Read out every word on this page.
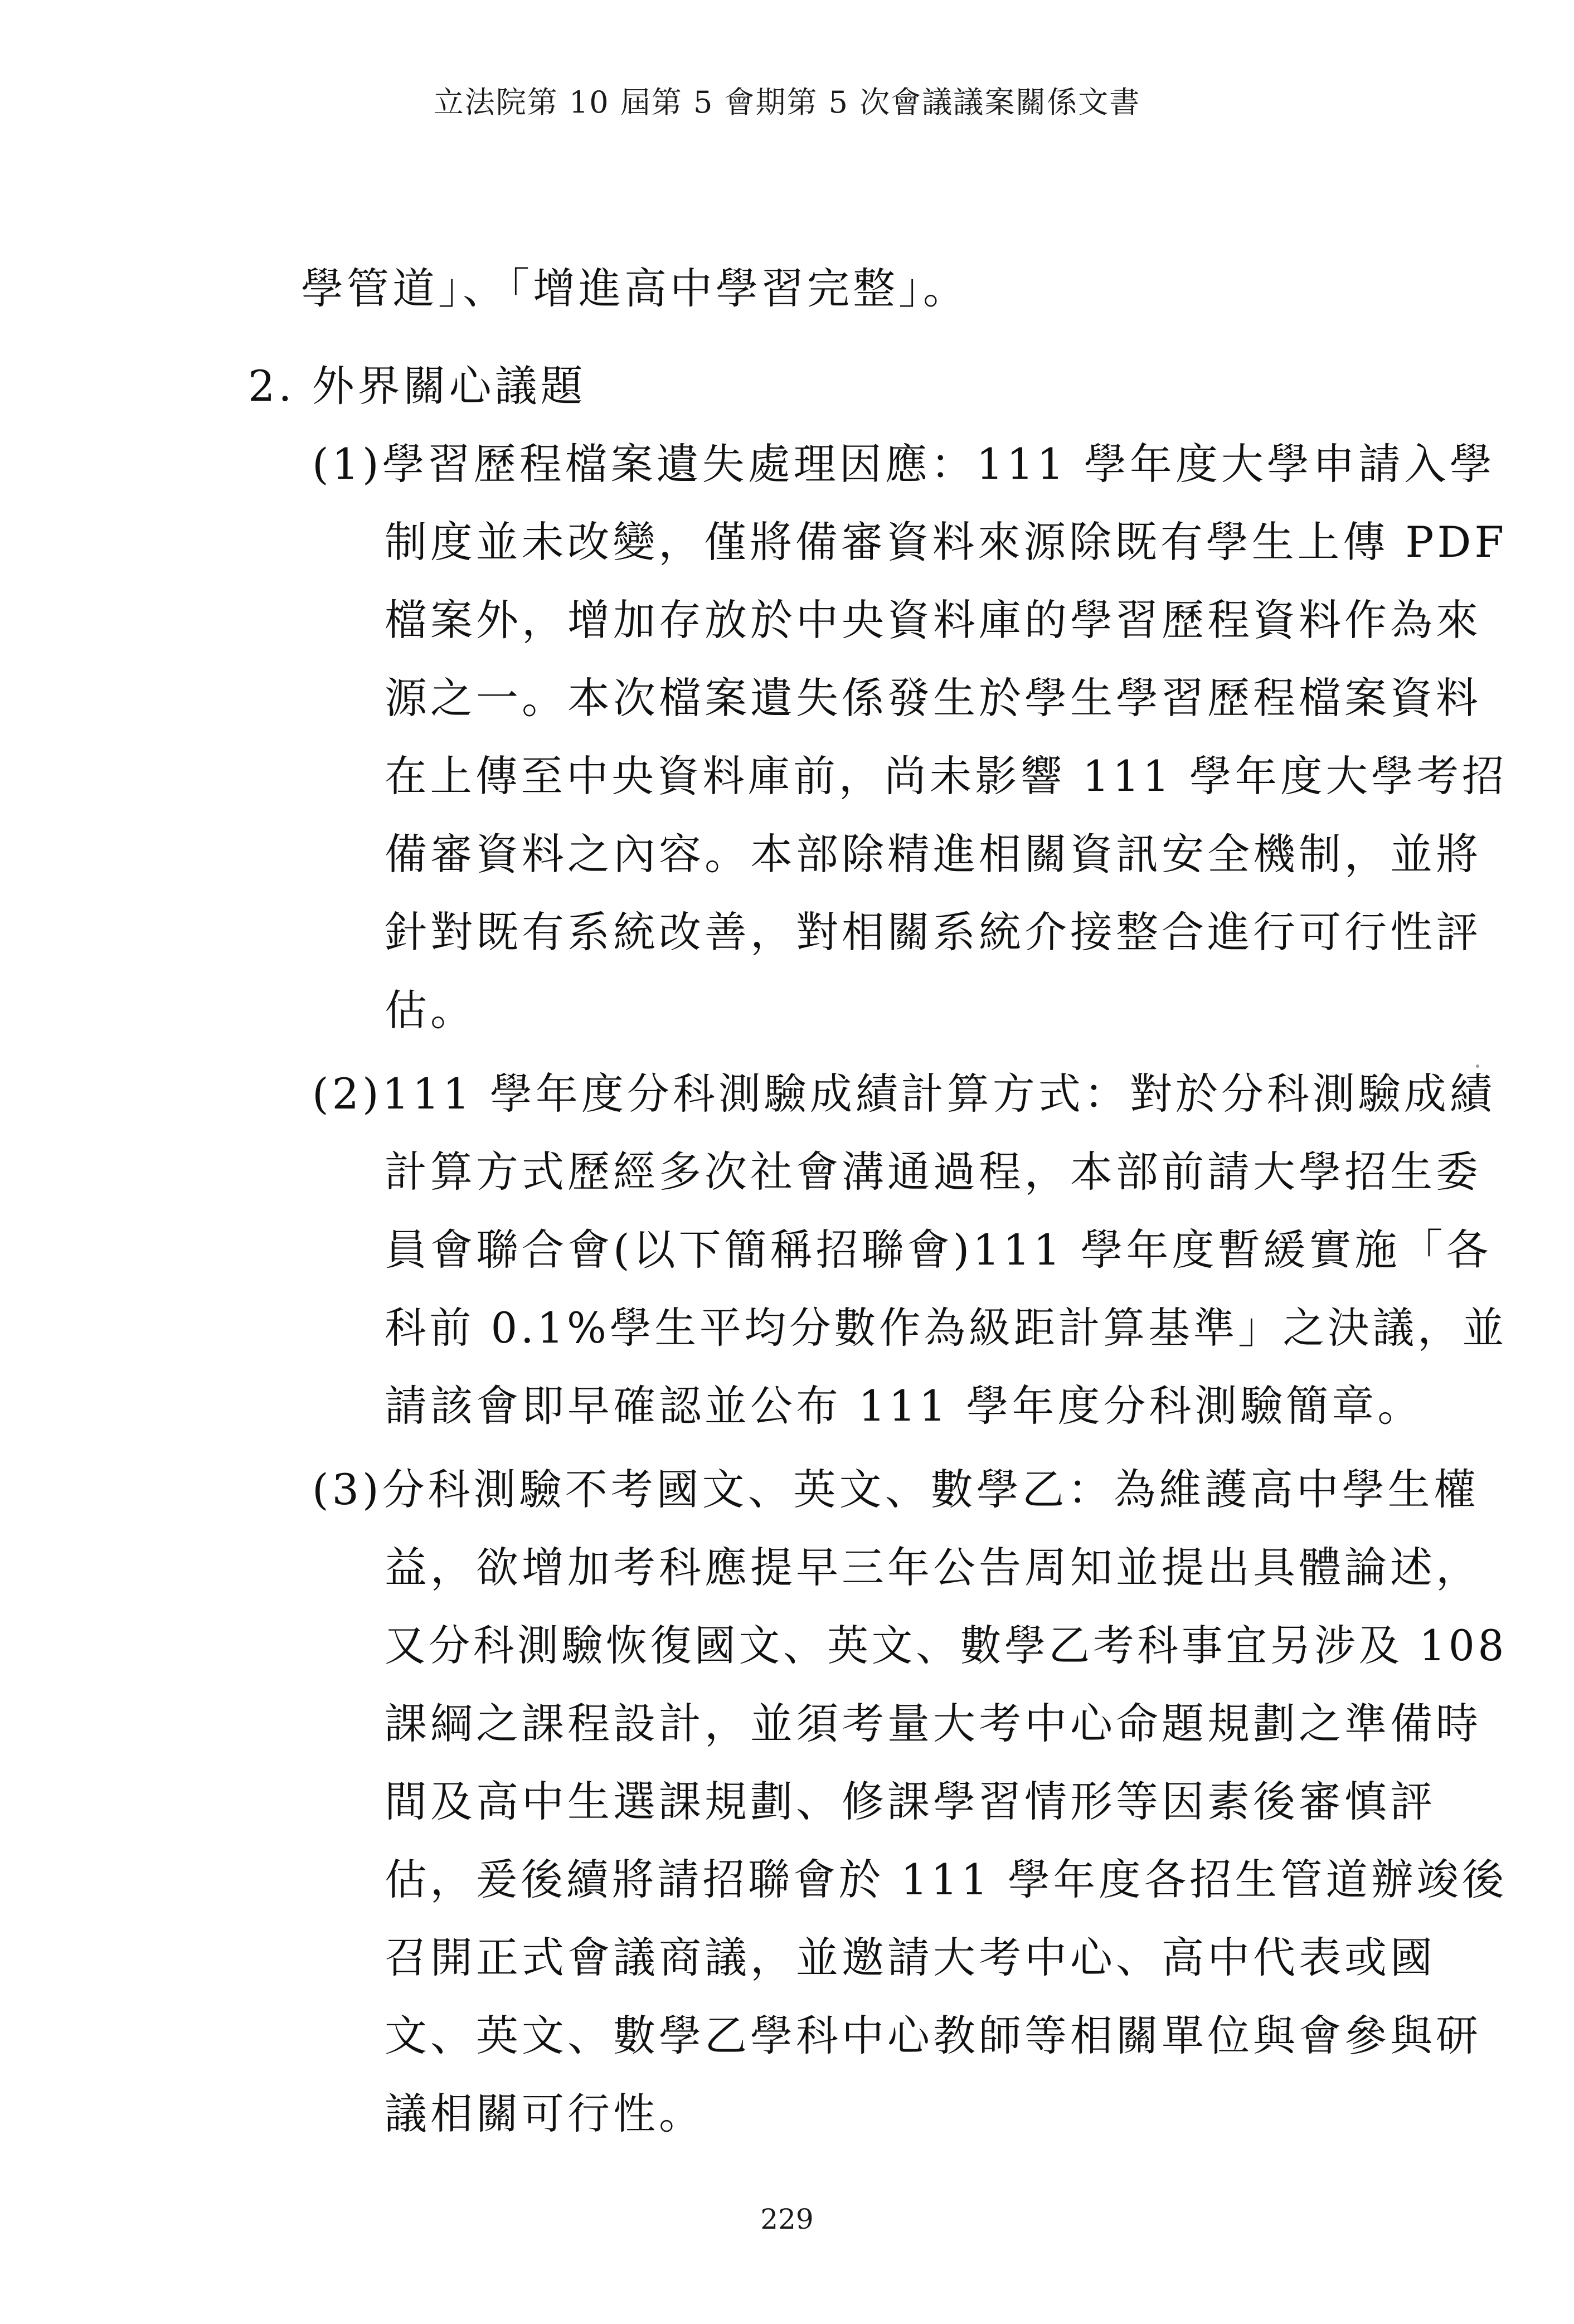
立法院第 10 屆第 5 會期第 5 次會議議案關係文書
學管道」、「增進高中學習完整」。
2. 外界關心議題
(1)學習歷程檔案遺失處理因應：111 學年度大學申請入學
制度並未改變，僅將備審資料來源除既有學生上傳 PDF
檔案外，增加存放於中央資料庫的學習歷程資料作為來
源之一。本次檔案遺失係發生於學生學習歷程檔案資料
在上傳至中央資料庫前，尚未影響 111 學年度大學考招
備審資料之內容。本部除精進相關資訊安全機制，並將
針對既有系統改善，對相關系統介接整合進行可行性評
估。
(2)111 學年度分科測驗成績計算方式：對於分科測驗成績
計算方式歷經多次社會溝通過程，本部前請大學招生委
員會聯合會(以下簡稱招聯會)111 學年度暫緩實施「各
科前 0.1%學生平均分數作為級距計算基準」之決議，並
請該會即早確認並公布 111 學年度分科測驗簡章。
(3)分科測驗不考國文、英文、數學乙：為維護高中學生權
益，欲增加考科應提早三年公告周知並提出具體論述，
又分科測驗恢復國文、英文、數學乙考科事宜另涉及 108
課綱之課程設計，並須考量大考中心命題規劃之準備時
間及高中生選課規劃、修課學習情形等因素後審慎評
估，爰後續將請招聯會於 111 學年度各招生管道辦竣後
召開正式會議商議，並邀請大考中心、高中代表或國
文、英文、數學乙學科中心教師等相關單位與會參與研
議相關可行性。
229
